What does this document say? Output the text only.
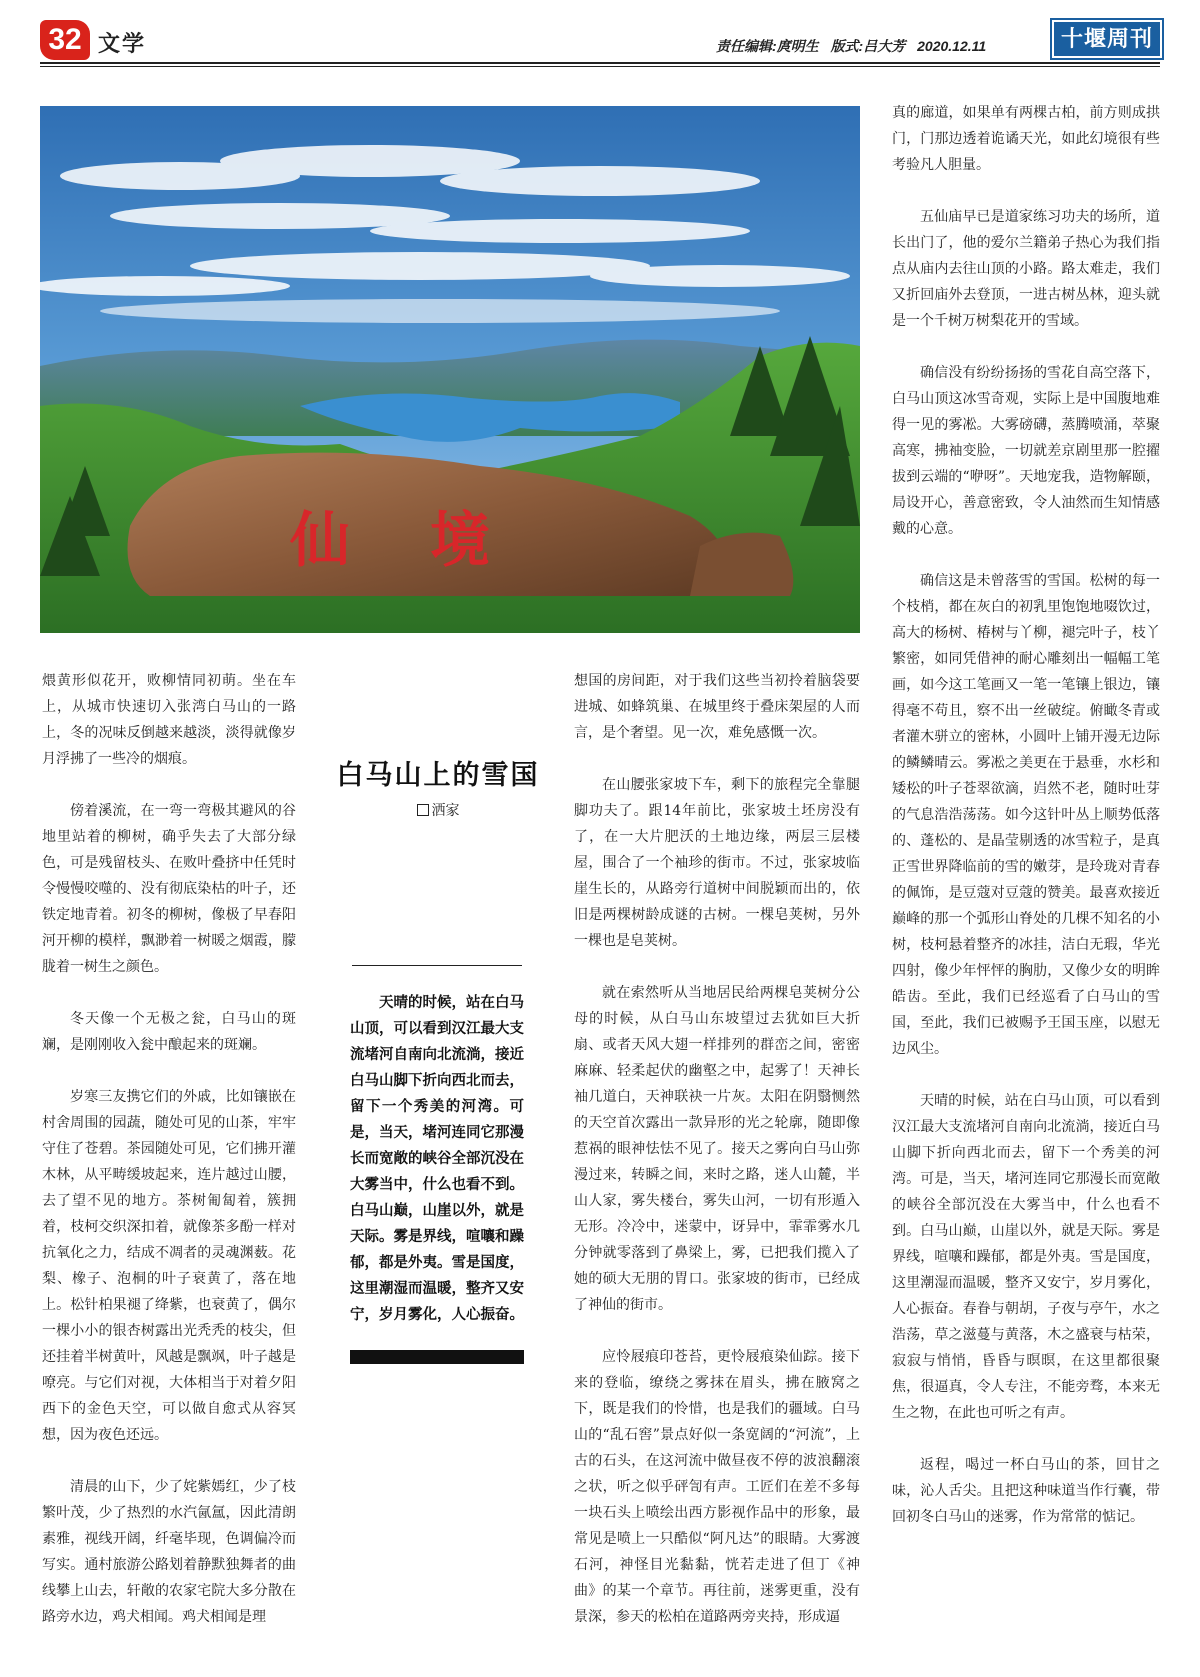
32 文学	责任编辑:庹明生 版式:吕大芳 2020.12.11	十堰周刊
仙境

煨黄形似花开，败柳情同初萌。坐在车上，从城市快速切入张湾白马山的一路上，冬的况味反倒越来越淡，淡得就像岁月浮拂了一些冷的烟痕。

傍着溪流，在一弯一弯极其避风的谷地里站着的柳树，确乎失去了大部分绿色，可是残留枝头、在败叶叠挤中任凭时令慢慢咬噬的、没有彻底染枯的叶子，还铁定地青着。初冬的柳树，像极了早春阳河开柳的模样，飘渺着一树暖之烟霞，朦胧着一树生之颜色。

冬天像一个无极之瓮，白马山的斑斓，是刚刚收入瓮中酿起来的斑斓。

岁寒三友携它们的外戚，比如镶嵌在村舍周围的园蔬，随处可见的山茶，牢牢守住了苍碧。茶园随处可见，它们拂开灌木林，从平畴缓坡起来，连片越过山腰，去了望不见的地方。茶树匍匐着，簇拥着，枝柯交织深扣着，就像茶多酚一样对抗氧化之力，结成不凋者的灵魂渊薮。花梨、橡子、泡桐的叶子衰黄了，落在地上。松针柏果褪了绛紫，也衰黄了，偶尔一棵小小的银杏树露出光秃秃的枝尖，但还挂着半树黄叶，风越是飘飒，叶子越是嘹亮。与它们对视，大体相当于对着夕阳西下的金色天空，可以做自愈式从容冥想，因为夜色还远。

清晨的山下，少了姹紫嫣红，少了枝繁叶茂，少了热烈的水汽氤氲，因此清朗素雅，视线开阔，纤毫毕现，色调偏冷而写实。通村旅游公路划着静默独舞者的曲线攀上山去，轩敞的农家宅院大多分散在路旁水边，鸡犬相闻。鸡犬相闻是理

白马山上的雪国
洒家
天晴的时候，站在白马山顶，可以看到汉江最大支流堵河自南向北流淌，接近白马山脚下折向西北而去，留下一个秀美的河湾。可是，当天，堵河连同它那漫长而宽敞的峡谷全部沉没在大雾当中，什么也看不到。白马山巅，山崖以外，就是天际。雾是界线，喧嚷和躁郁，都是外夷。雪是国度，这里潮湿而温暖，整齐又安宁，岁月雾化，人心振奋。

想国的房间距，对于我们这些当初拎着脑袋要进城、如蜂筑巢、在城里终于叠床架屋的人而言，是个奢望。见一次，难免感慨一次。

在山腰张家坡下车，剩下的旅程完全靠腿脚功夫了。跟14年前比，张家坡土坯房没有了，在一大片肥沃的土地边缘，两层三层楼屋，围合了一个袖珍的街市。不过，张家坡临崖生长的，从路旁行道树中间脱颖而出的，依旧是两棵树龄成谜的古树。一棵皂荚树，另外一棵也是皂荚树。

就在索然听从当地居民给两棵皂荚树分公母的时候，从白马山东坡望过去犹如巨大折扇、或者天风大翅一样排列的群峦之间，密密麻麻、轻柔起伏的幽壑之中，起雾了！天神长袖几道白，天神联袂一片灰。太阳在阴翳恻然的天空首次露出一款异形的光之轮廓，随即像惹祸的眼神怯怯不见了。接天之雾向白马山弥漫过来，转瞬之间，来时之路，迷人山麓，半山人家，雾失楼台，雾失山河，一切有形遁入无形。冷冷中，迷蒙中，讶异中，霏霏雾水几分钟就零落到了鼻梁上，雾，已把我们揽入了她的硕大无朋的胃口。张家坡的街市，已经成了神仙的街市。

应怜屐痕印苍苔，更怜屐痕染仙踪。接下来的登临，缭绕之雾抹在眉头，拂在腋窝之下，既是我们的怜惜，也是我们的疆域。白马山的“乱石窖”景点好似一条宽阔的“河流”，上古的石头，在这河流中做昼夜不停的波浪翻滚之状，听之似乎砰訇有声。工匠们在差不多每一块石头上喷绘出西方影视作品中的形象，最常见是喷上一只酷似“阿凡达”的眼睛。大雾渡石河，神怪目光黏黏，恍若走进了但丁《神曲》的某一个章节。再往前，迷雾更重，没有景深，参天的松柏在道路两旁夹持，形成逼

真的廊道，如果单有两棵古柏，前方则成拱门，门那边透着诡谲天光，如此幻境很有些考验凡人胆量。

五仙庙早已是道家练习功夫的场所，道长出门了，他的爱尔兰籍弟子热心为我们指点从庙内去往山顶的小路。路太难走，我们又折回庙外去登顶，一进古树丛林，迎头就是一个千树万树梨花开的雪域。

确信没有纷纷扬扬的雪花自高空落下，白马山顶这冰雪奇观，实际上是中国腹地难得一见的雾凇。大雾磅礴，蒸腾喷涌，萃聚高寒，拂袖变脸，一切就差京剧里那一腔擢拔到云端的“咿呀”。天地宠我，造物解颐，局设开心，善意密致，令人油然而生知情感戴的心意。

确信这是未曾落雪的雪国。松树的每一个枝梢，都在灰白的初乳里饱饱地啜饮过，高大的杨树、椿树与丫柳，褪完叶子，枝丫繁密，如同凭借神的耐心雕刻出一幅幅工笔画，如今这工笔画又一笔一笔镶上银边，镶得毫不苟且，察不出一丝破绽。俯瞰冬青或者灌木骈立的密林，小圆叶上铺开漫无边际的鳞鳞晴云。雾凇之美更在于悬垂，水杉和矮松的叶子苍翠欲滴，岿然不老，随时吐芽的气息浩浩荡荡。如今这针叶丛上顺势低落的、蓬松的、是晶莹剔透的冰雪粒子，是真正雪世界降临前的雪的嫩芽，是玲珑对青春的佩饰，是豆蔻对豆蔻的赞美。最喜欢接近巅峰的那一个弧形山脊处的几棵不知名的小树，枝柯悬着整齐的冰挂，洁白无瑕，华光四射，像少年怦怦的胸肋，又像少女的明眸皓齿。至此，我们已经巡看了白马山的雪国，至此，我们已被赐予王国玉座，以慰无边风尘。

天晴的时候，站在白马山顶，可以看到汉江最大支流堵河自南向北流淌，接近白马山脚下折向西北而去，留下一个秀美的河湾。可是，当天，堵河连同它那漫长而宽敞的峡谷全部沉没在大雾当中，什么也看不到。白马山巅，山崖以外，就是天际。雾是界线，喧嚷和躁郁，都是外夷。雪是国度，这里潮湿而温暖，整齐又安宁，岁月雾化，人心振奋。春眷与朝胡，子夜与亭午，水之浩荡，草之滋蔓与黄落，木之盛衰与枯荣，寂寂与悄悄，昏昏与暝暝，在这里都很聚焦，很逼真，令人专注，不能旁骛，本来无生之物，在此也可听之有声。

返程，喝过一杯白马山的茶，回甘之味，沁人舌尖。且把这种味道当作行囊，带回初冬白马山的迷雾，作为常常的惦记。
